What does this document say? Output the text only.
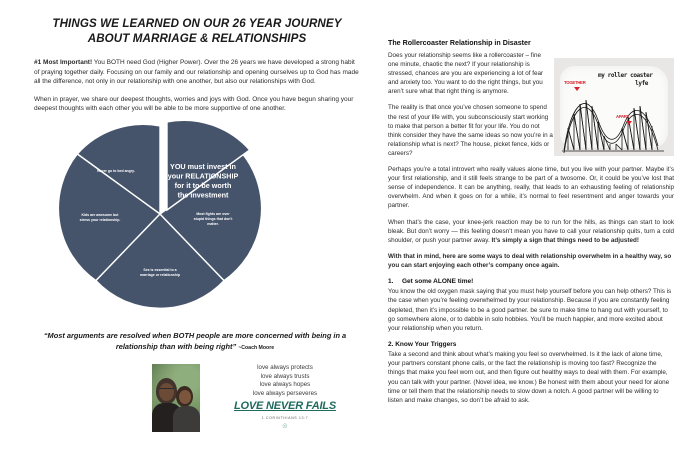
THINGS WE LEARNED ON OUR 26 YEAR JOURNEY ABOUT MARRIAGE & RELATIONSHIPS
#1 Most Important! You BOTH need God (Higher Power). Over the 26 years we have developed a strong habit of praying together daily. Focusing on our family and our relationship and opening ourselves up to God has made all the difference, not only in our relationship with one another, but also our relationships with God.
When in prayer, we share our deepest thoughts, worries and joys with God. Once you have begun sharing your deepest thoughts with each other you will be able to be more supportive of one another.
YOU must invest in
your RELATIONSHIP
for it to be worth
the investment
Most fights are over
stupid things that don't
matter.
Sex is essential to a
marriage or relationship
Kids are awesome but
stress your relationship.
Never go to bed angry.
“Most arguments are resolved when BOTH people are more concerned with being in a relationship than with being right” ~Coach Moore
love always protects
love always trusts
love always hopes
love always perseveres
LOVE NEVER FAILS
1 CORINTHIANS 13:7
☉
The Rollercoaster Relationship in Disaster
Does your relationship seems like a rollercoaster – fine one minute, chaotic the next? If your relationship is stressed, chances are you are experiencing a lot of fear and anxiety too. You want to do the right things, but you aren’t sure what that right thing is anymore.
The reality is that once you’ve chosen someone to spend the rest of your life with, you subconsciously start working to make that person a better fit for your life. You do not think consider they have the same ideas so now you’re in a relationship what is next? The house, picket fence, kids or careers?
Perhaps you’re a total introvert who really values alone time, but you live with your partner. Maybe it’s your first relationship, and it still feels strange to be part of a twosome. Or, it could be you’ve lost that sense of independence. It can be anything, really, that leads to an exhausting feeling of relationship overwhelm. And when it goes on for a while, it’s normal to feel resentment and anger towards your partner.
When that’s the case, your knee-jerk reaction may be to run for the hills, as things can start to look bleak. But don’t worry — this feeling doesn’t mean you have to call your relationship quits, turn a cold shoulder, or push your partner away. It’s simply a sign that things need to be adjusted!
With that in mind, here are some ways to deal with relationship overwhelm in a healthy way, so you can start enjoying each other’s company once again.
1. Get some ALONE time!
You know the old oxygen mask saying that you must help yourself before you can help others? This is the case when you’re feeling overwhelmed by your relationship. Because if you are constantly feeling depleted, then it’s impossible to be a good partner. be sure to make time to hang out with yourself, to go somewhere alone, or to dabble in solo hobbies. You’ll be much happier, and more excited about your relationship when you return.
2. Know Your Triggers
Take a second and think about what’s making you feel so overwhelmed. Is it the lack of alone time, your partners constant phone calls, or the fact the relationship is moving too fast? Recognize the things that make you feel worn out, and then figure out healthy ways to deal with them. For example, you can talk with your partner. (Novel idea, we know.) Be honest with them about your need for alone time or tell them that the relationship needs to slow down a notch. A good partner will be willing to listen and make changes, so don’t be afraid to ask.
my roller coaster
lyfe
TOGETHER
APART
